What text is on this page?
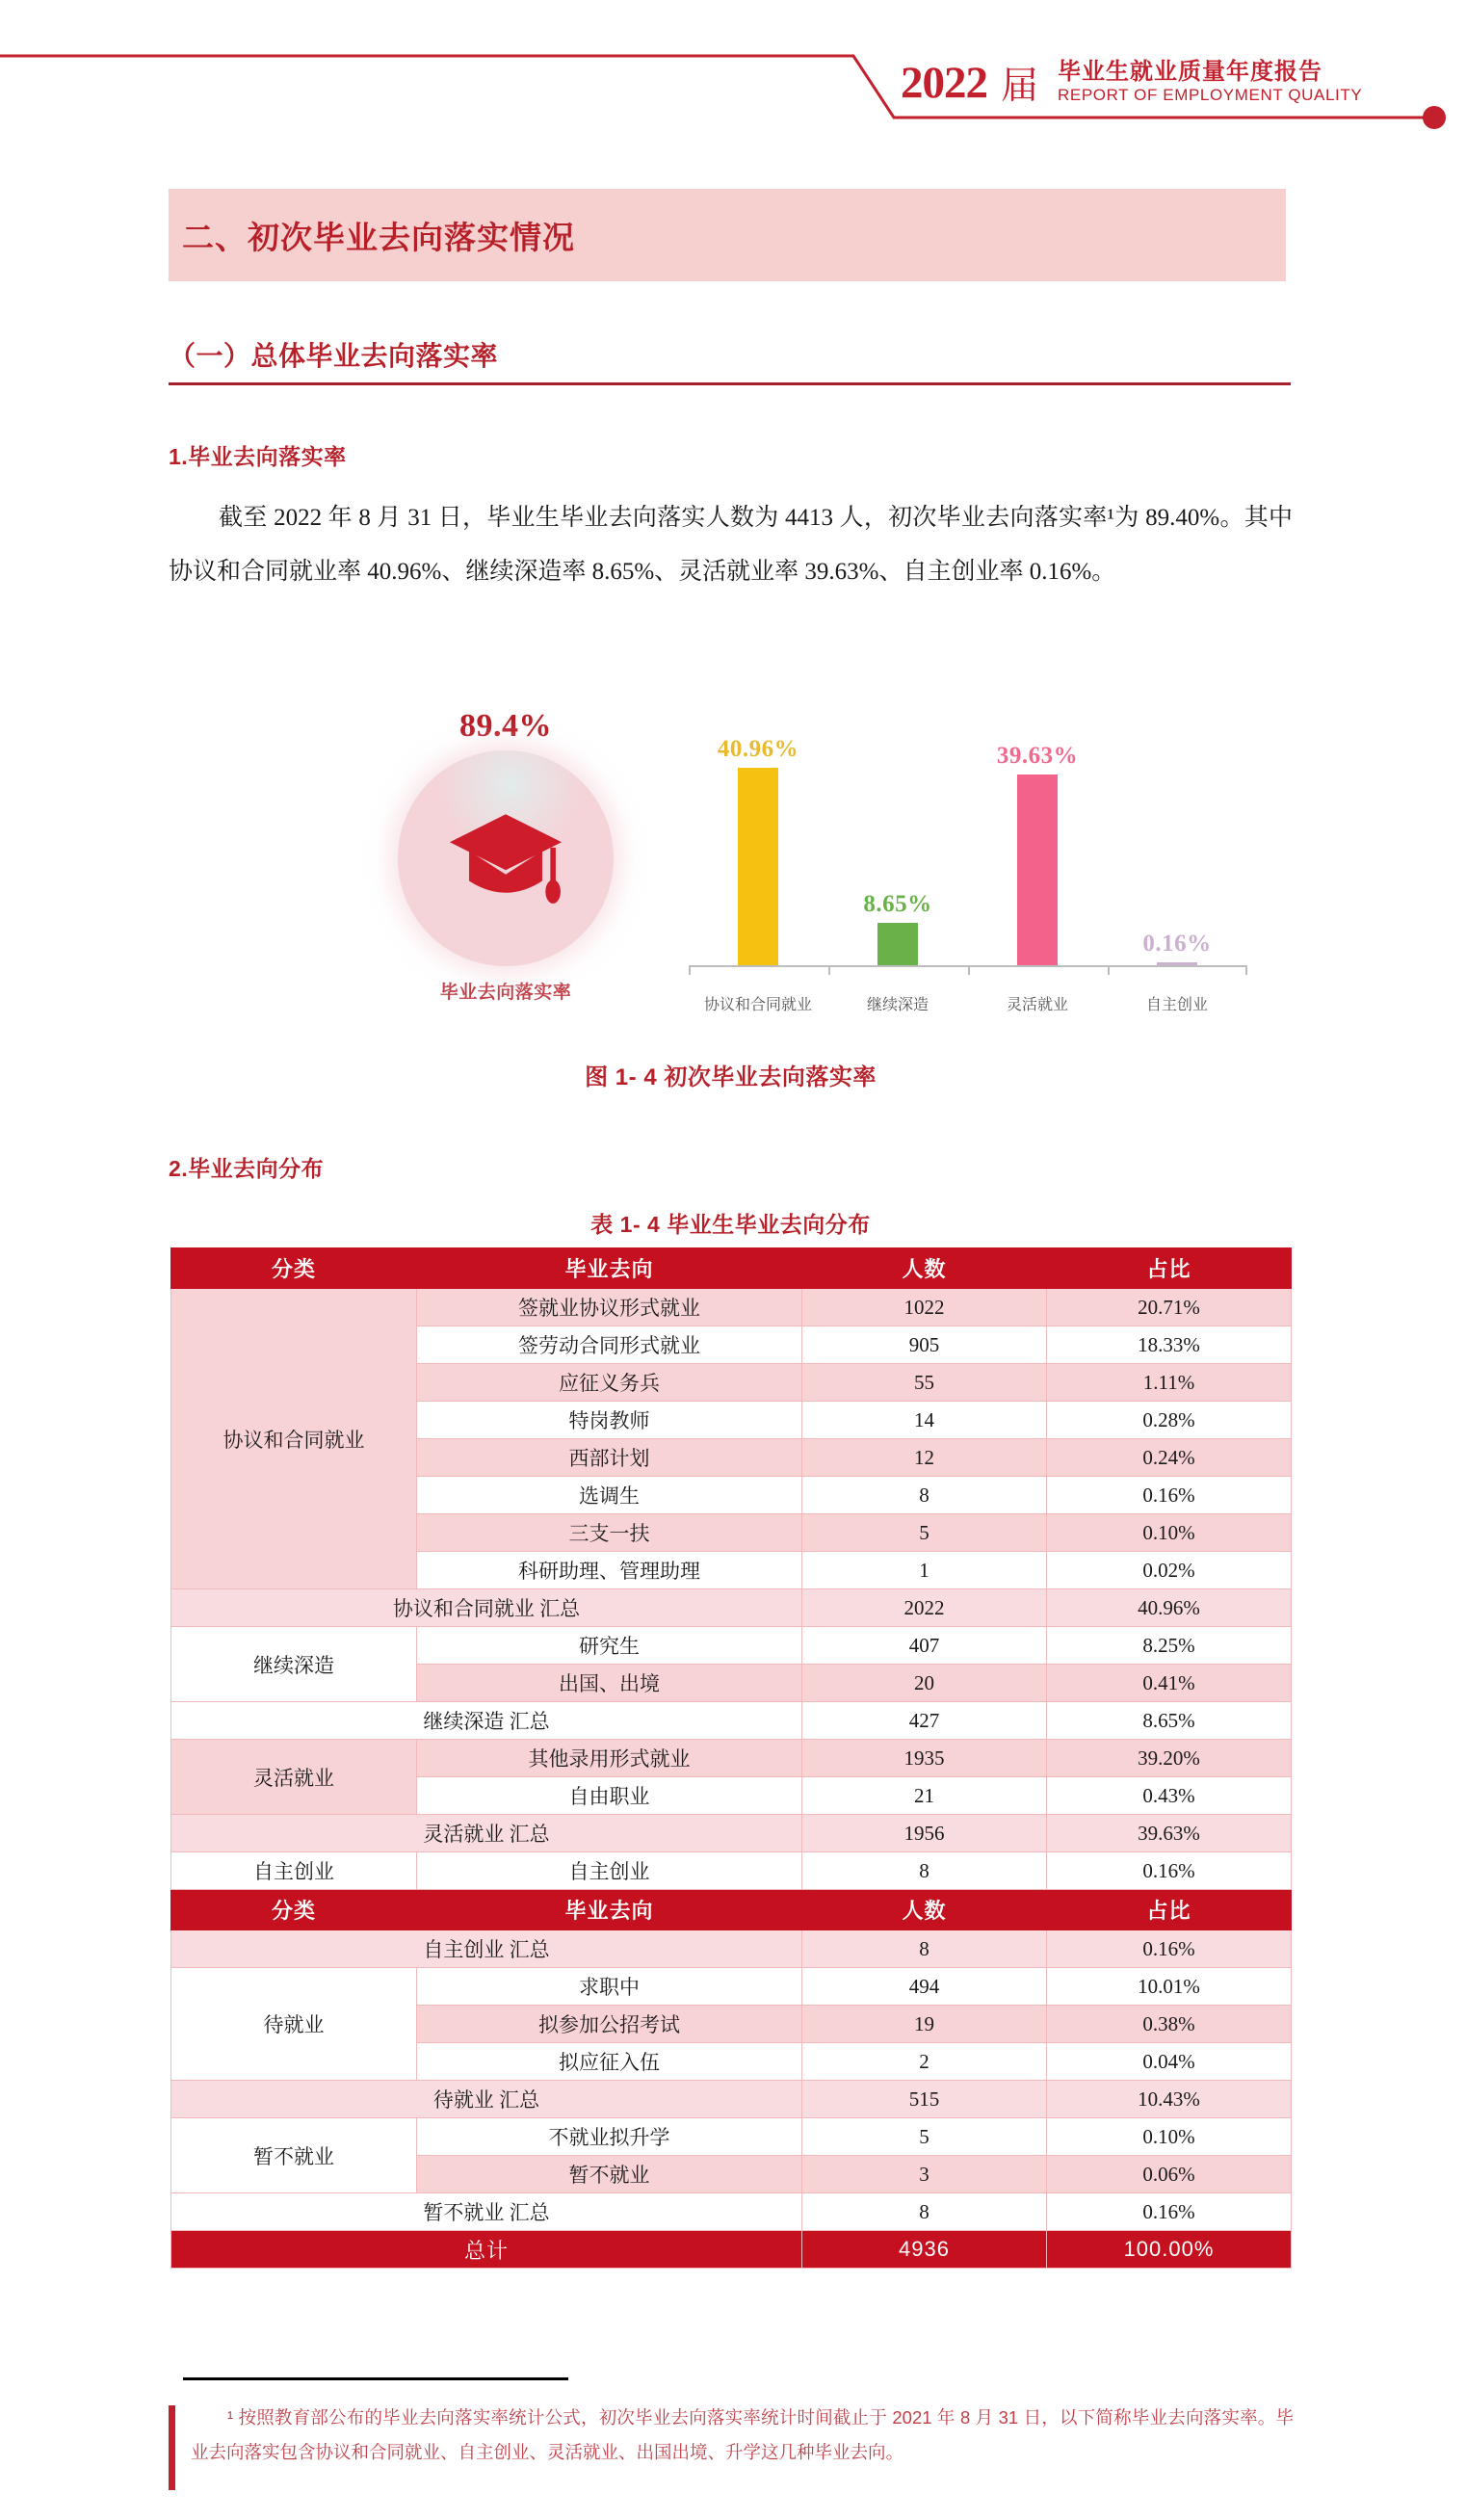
2022 届 毕业生就业质量年度报告
REPORT OF EMPLOYMENT QUALITY
二、初次毕业去向落实情况
（一）总体毕业去向落实率
1.毕业去向落实率
截至 2022 年 8 月 31 日，毕业生毕业去向落实人数为 4413 人，初次毕业去向落实率¹为 89.40%。其中协议和合同就业率 40.96%、继续深造率 8.65%、灵活就业率 39.63%、自主创业率 0.16%。
89.4%
毕业去向落实率
40.96%
8.65%
39.63%
0.16%
协议和合同就业	继续深造	灵活就业	自主创业
图 1- 4 初次毕业去向落实率
2.毕业去向分布
表 1- 4 毕业生毕业去向分布
分类	毕业去向	人数	占比
协议和合同就业	签就业协议形式就业	1022	20.71%
	签劳动合同形式就业	905	18.33%
	应征义务兵	55	1.11%
	特岗教师	14	0.28%
	西部计划	12	0.24%
	选调生	8	0.16%
	三支一扶	5	0.10%
	科研助理、管理助理	1	0.02%
协议和合同就业 汇总		2022	40.96%
继续深造	研究生	407	8.25%
	出国、出境	20	0.41%
继续深造 汇总		427	8.65%
灵活就业	其他录用形式就业	1935	39.20%
	自由职业	21	0.43%
灵活就业 汇总		1956	39.63%
自主创业	自主创业	8	0.16%
分类	毕业去向	人数	占比
自主创业 汇总		8	0.16%
待就业	求职中	494	10.01%
	拟参加公招考试	19	0.38%
	拟应征入伍	2	0.04%
待就业 汇总		515	10.43%
暂不就业	不就业拟升学	5	0.10%
	暂不就业	3	0.06%
暂不就业 汇总		8	0.16%
总计		4936	100.00%
¹ 按照教育部公布的毕业去向落实率统计公式，初次毕业去向落实率统计时间截止于 2021 年 8 月 31 日，以下简称毕业去向落实率。毕业去向落实包含协议和合同就业、自主创业、灵活就业、出国出境、升学这几种毕业去向。
